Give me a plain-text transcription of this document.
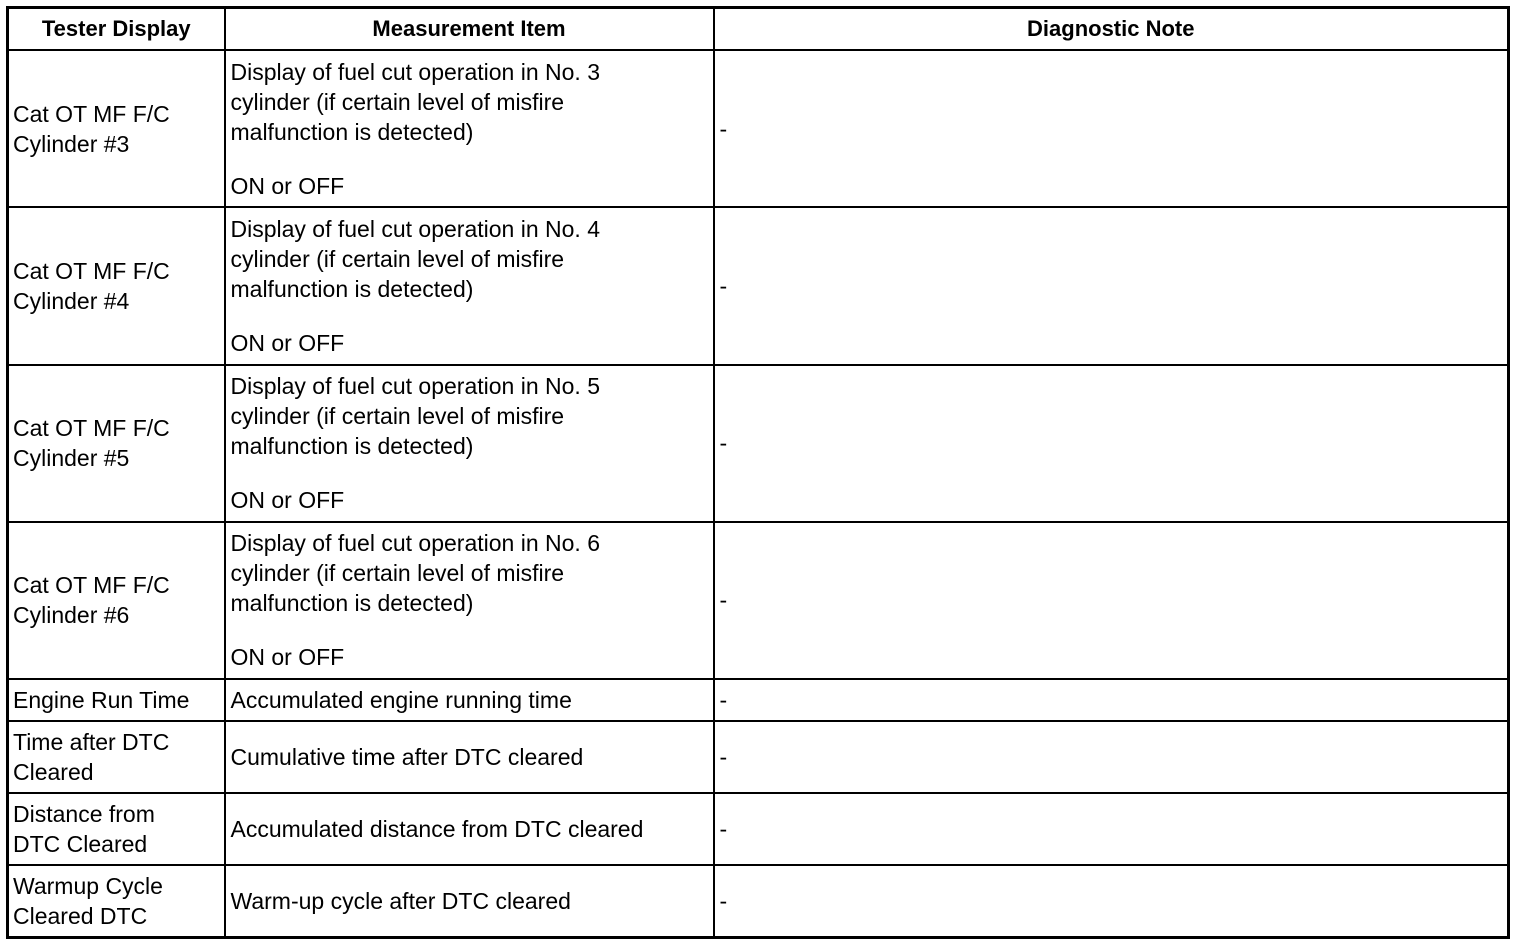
Tester Display	Measurement Item	Diagnostic Note

Cat OT MF F/C
Cylinder #3	Display of fuel cut operation in No. 3
cylinder (if certain level of misfire
malfunction is detected)
ON or OFF	-

Cat OT MF F/C
Cylinder #4	Display of fuel cut operation in No. 4
cylinder (if certain level of misfire
malfunction is detected)
ON or OFF	-

Cat OT MF F/C
Cylinder #5	Display of fuel cut operation in No. 5
cylinder (if certain level of misfire
malfunction is detected)
ON or OFF	-

Cat OT MF F/C
Cylinder #6	Display of fuel cut operation in No. 6
cylinder (if certain level of misfire
malfunction is detected)
ON or OFF	-

Engine Run Time	Accumulated engine running time	-

Time after DTC
Cleared	Cumulative time after DTC cleared	-

Distance from
DTC Cleared	Accumulated distance from DTC cleared	-

Warmup Cycle
Cleared DTC	Warm-up cycle after DTC cleared	-
